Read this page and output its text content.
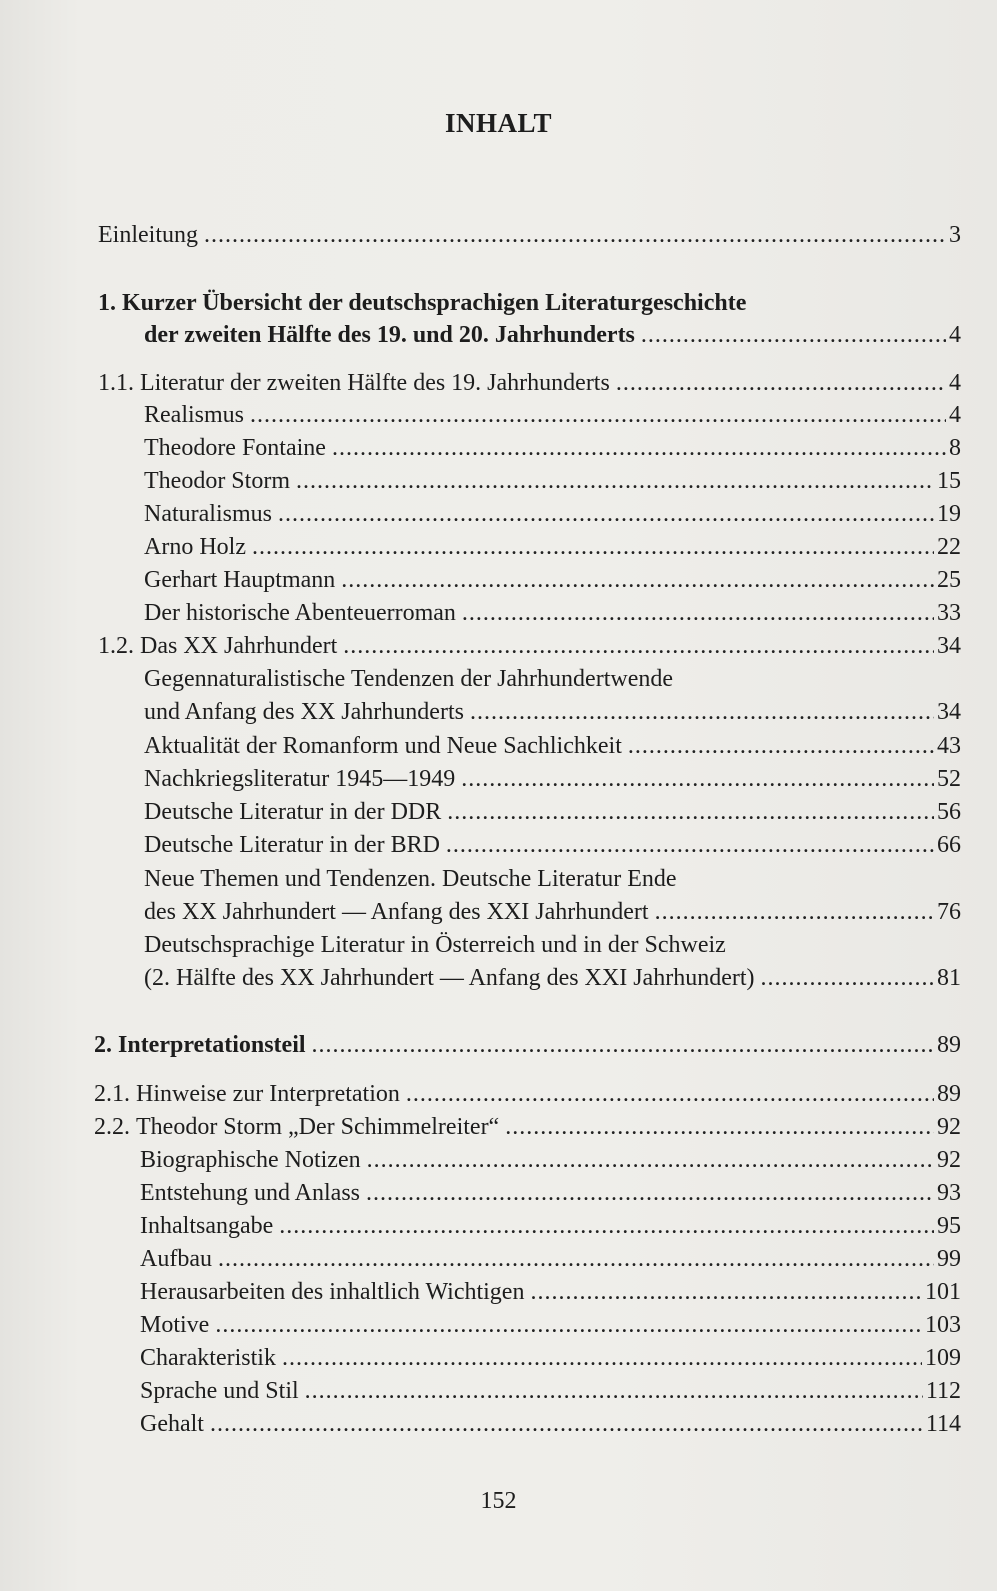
INHALT
Einleitung .....	3
1. Kurzer Übersicht der deutschsprachigen Literaturgeschichte
der zweiten Hälfte des 19. und 20. Jahrhunderts .....	4
1.1. Literatur der zweiten Hälfte des 19. Jahrhunderts .....	4
Realismus .....	4
Theodore Fontaine .....	8
Theodor Storm .....	15
Naturalismus .....	19
Arno Holz .....	22
Gerhart Hauptmann .....	25
Der historische Abenteuerroman .....	33
1.2. Das XX Jahrhundert .....	34
Gegennaturalistische Tendenzen der Jahrhundertwende
und Anfang des XX Jahrhunderts .....	34
Aktualität der Romanform und Neue Sachlichkeit .....	43
Nachkriegsliteratur 1945—1949 .....	52
Deutsche Literatur in der DDR .....	56
Deutsche Literatur in der BRD .....	66
Neue Themen und Tendenzen. Deutsche Literatur Ende
des XX Jahrhundert — Anfang des XXI Jahrhundert .....	76
Deutschsprachige Literatur in Österreich und in der Schweiz
(2. Hälfte des XX Jahrhundert — Anfang des XXI Jahrhundert) .....	81
2. Interpretationsteil .....	89
2.1. Hinweise zur Interpretation .....	89
2.2. Theodor Storm „Der Schimmelreiter“ .....	92
Biographische Notizen .....	92
Entstehung und Anlass .....	93
Inhaltsangabe .....	95
Aufbau .....	99
Herausarbeiten des inhaltlich Wichtigen .....	101
Motive .....	103
Charakteristik .....	109
Sprache und Stil .....	112
Gehalt .....	114
152
